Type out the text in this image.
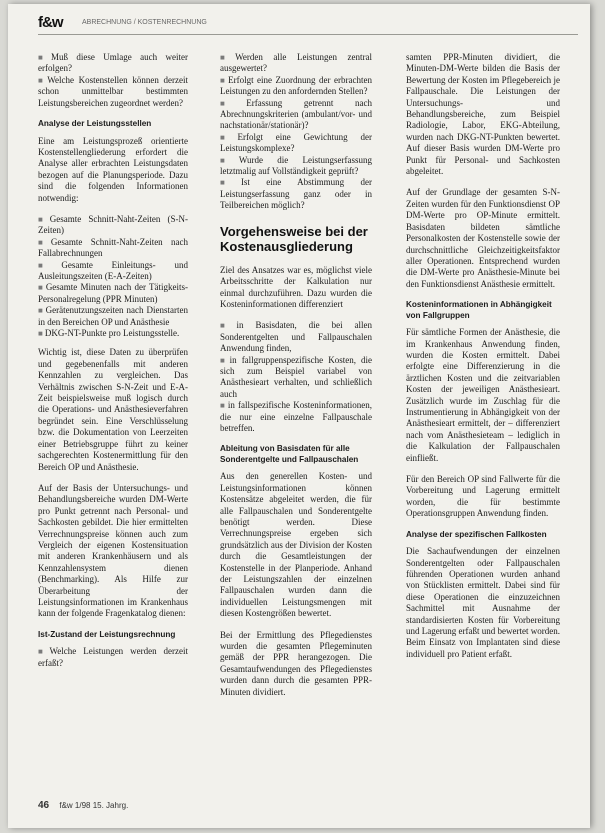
f&w	ABRECHNUNG / KOSTENRECHNUNG

■ Muß diese Umlage auch weiter erfolgen?

■ Welche Kostenstellen können derzeit schon unmittelbar bestimmten Leistungsbereichen zugeordnet werden?

Analyse der Leistungsstellen

Eine am Leistungsprozeß orientierte Kostenstellengliederung erfordert die Analyse aller erbrachten Leistungsdaten bezogen auf die Planungsperiode. Dazu sind die folgenden Informationen notwendig:

■ Gesamte Schnitt-Naht-Zeiten (S-N-Zeiten)

■ Gesamte Schnitt-Naht-Zeiten nach Fallabrechnungen

■ Gesamte Einleitungs- und Ausleitungszeiten (E-A-Zeiten)

■ Gesamte Minuten nach der Tätigkeits-Personalregelung (PPR Minuten)

■ Gerätenutzungszeiten nach Dienstarten in den Bereichen OP und Anästhesie

■ DKG-NT-Punkte pro Leistungsstelle.

Wichtig ist, diese Daten zu überprüfen und gegebenenfalls mit anderen Kennzahlen zu vergleichen. Das Verhältnis zwischen S-N-Zeit und E-A-Zeit beispielsweise muß logisch durch die Operations- und Anästhesieverfahren begründet sein. Eine Verschlüsselung bzw. die Dokumentation von Leerzeiten einer Betriebsgruppe führt zu keiner sachgerechten Kostenermittlung für den Bereich OP und Anästhesie.

Auf der Basis der Untersuchungs- und Behandlungsbereiche wurden DM-Werte pro Punkt getrennt nach Personal- und Sachkosten gebildet. Die hier ermittelten Verrechnungspreise können auch zum Vergleich der eigenen Kostensituation mit anderen Krankenhäusern und als Kennzahlensystem dienen (Benchmarking). Als Hilfe zur Überarbeitung der Leistungsinformationen im Krankenhaus kann der folgende Fragenkatalog dienen:

Ist-Zustand der Leistungsrechnung

■ Welche Leistungen werden derzeit erfaßt?

■ Werden alle Leistungen zentral ausgewertet?

■ Erfolgt eine Zuordnung der erbrachten Leistungen zu den anfordernden Stellen?

■ Erfassung getrennt nach Abrechnungskriterien (ambulant/vor- und nachstationär/stationär)?

■ Erfolgt eine Gewichtung der Leistungskomplexe?

■ Wurde die Leistungserfassung letztmalig auf Vollständigkeit geprüft?

■ Ist eine Abstimmung der Leistungserfassung ganz oder in Teilbereichen möglich?

Vorgehensweise bei der Kostenausgliederung

Ziel des Ansatzes war es, möglichst viele Arbeitsschritte der Kalkulation nur einmal durchzuführen. Dazu wurden die Kosteninformationen differenziert

■ in Basisdaten, die bei allen Sonderentgelten und Fallpauschalen Anwendung finden,

■ in fallgruppenspezifische Kosten, die sich zum Beispiel variabel von Anästhesieart verhalten, und schließlich auch

■ in fallspezifische Kosteninformationen, die nur eine einzelne Fallpauschale betreffen.

Ableitung von Basisdaten für alle Sonderentgelte und Fallpauschalen

Aus den generellen Kosten- und Leistungsinformationen können Kostensätze abgeleitet werden, die für alle Fallpauschalen und Sonderentgelte benötigt werden. Diese Verrechnungspreise ergeben sich grundsätzlich aus der Division der Kosten durch die Gesamtleistungen der Kostenstelle in der Planperiode. Anhand der Leistungszahlen der einzelnen Fallpauschalen wurden dann die individuellen Leistungsmengen mit diesen Kostengrößen bewertet.

Bei der Ermittlung des Pflegedienstes wurden die gesamten Pflegeminuten gemäß der PPR herangezogen. Die Gesamtaufwendungen des Pflegedienstes wurden dann durch die gesamten PPR-Minuten dividiert.

samten PPR-Minuten dividiert, die Minuten-DM-Werte bilden die Basis der Bewertung der Kosten im Pflegebereich je Fallpauschale. Die Leistungen der Untersuchungs- und Behandlungsbereiche, zum Beispiel Radiologie, Labor, EKG-Abteilung, wurden nach DKG-NT-Punkten bewertet. Auf dieser Basis wurden DM-Werte pro Punkt für Personal- und Sachkosten abgeleitet.

Auf der Grundlage der gesamten S-N-Zeiten wurden für den Funktionsdienst OP DM-Werte pro OP-Minute ermittelt. Basisdaten bildeten sämtliche Personalkosten der Kostenstelle sowie der durchschnittliche Gleichzeitigkeitsfaktor aller Operationen. Entsprechend wurden die DM-Werte pro Anästhesie-Minute bei den Funktionsdienst Anästhesie ermittelt.

Kosteninformationen in Abhängigkeit von Fallgruppen

Für sämtliche Formen der Anästhesie, die im Krankenhaus Anwendung finden, wurden die Kosten ermittelt. Dabei erfolgte eine Differenzierung in die ärztlichen Kosten und die zeitvariablen Kosten der jeweiligen Anästhesieart. Zusätzlich wurde im Zuschlag für die Instrumentierung in Abhängigkeit von der Anästhesieart ermittelt, der – differenziert nach vom Anästhesieteam – lediglich in die Kalkulation der Fallpauschalen einfließt.

Für den Bereich OP sind Fallwerte für die Vorbereitung und Lagerung ermittelt worden, die für bestimmte Operationsgruppen Anwendung finden.

Analyse der spezifischen Fallkosten

Die Sachaufwendungen der einzelnen Sonderentgelten oder Fallpauschalen führenden Operationen wurden anhand von Stücklisten ermittelt. Dabei sind für diese Operationen die einzuzeichnen Sachmittel mit Ausnahme der standardisierten Kosten für Vorbereitung und Lagerung erfaßt und bewertet worden. Beim Einsatz von Implantaten sind diese individuell pro Patient erfaßt.

46 f&w 1/98 15. Jahrg.
